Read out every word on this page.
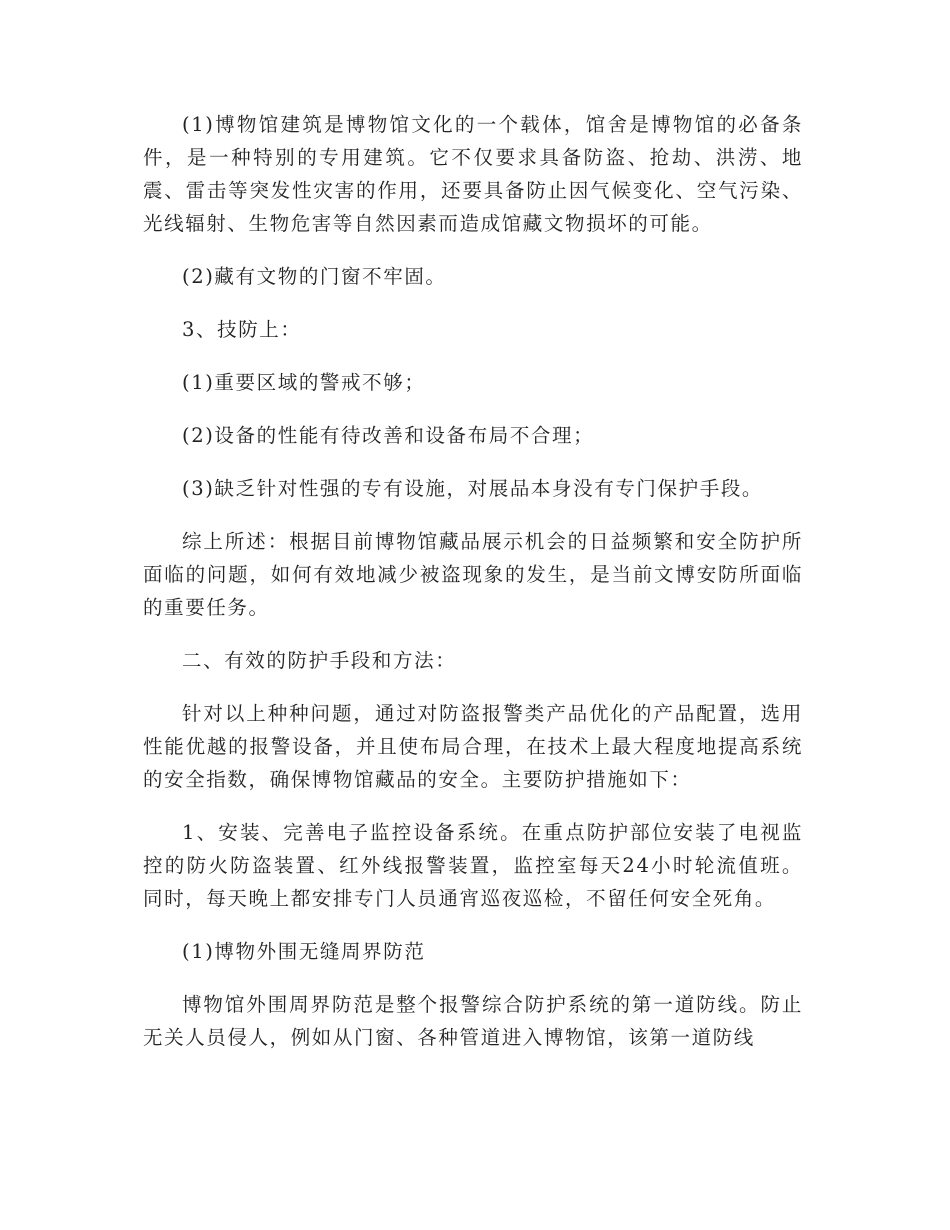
(1)博物馆建筑是博物馆文化的一个载体，馆舍是博物馆的必备条件，是一种特别的专用建筑。它不仅要求具备防盗、抢劫、洪涝、地震、雷击等突发性灾害的作用，还要具备防止因气候变化、空气污染、光线辐射、生物危害等自然因素而造成馆藏文物损坏的可能。

(2)藏有文物的门窗不牢固。

3、技防上：

(1)重要区域的警戒不够；

(2)设备的性能有待改善和设备布局不合理；

(3)缺乏针对性强的专有设施，对展品本身没有专门保护手段。

综上所述：根据目前博物馆藏品展示机会的日益频繁和安全防护所面临的问题，如何有效地减少被盗现象的发生，是当前文博安防所面临的重要任务。

二、有效的防护手段和方法：

针对以上种种问题，通过对防盗报警类产品优化的产品配置，选用性能优越的报警设备，并且使布局合理，在技术上最大程度地提高系统的安全指数，确保博物馆藏品的安全。主要防护措施如下：

1、安装、完善电子监控设备系统。在重点防护部位安装了电视监控的防火防盗装置、红外线报警装置，监控室每天24小时轮流值班。同时，每天晚上都安排专门人员通宵巡夜巡检，不留任何安全死角。

(1)博物外围无缝周界防范

博物馆外围周界防范是整个报警综合防护系统的第一道防线。防止无关人员侵人，例如从门窗、各种管道进入博物馆，该第一道防线
